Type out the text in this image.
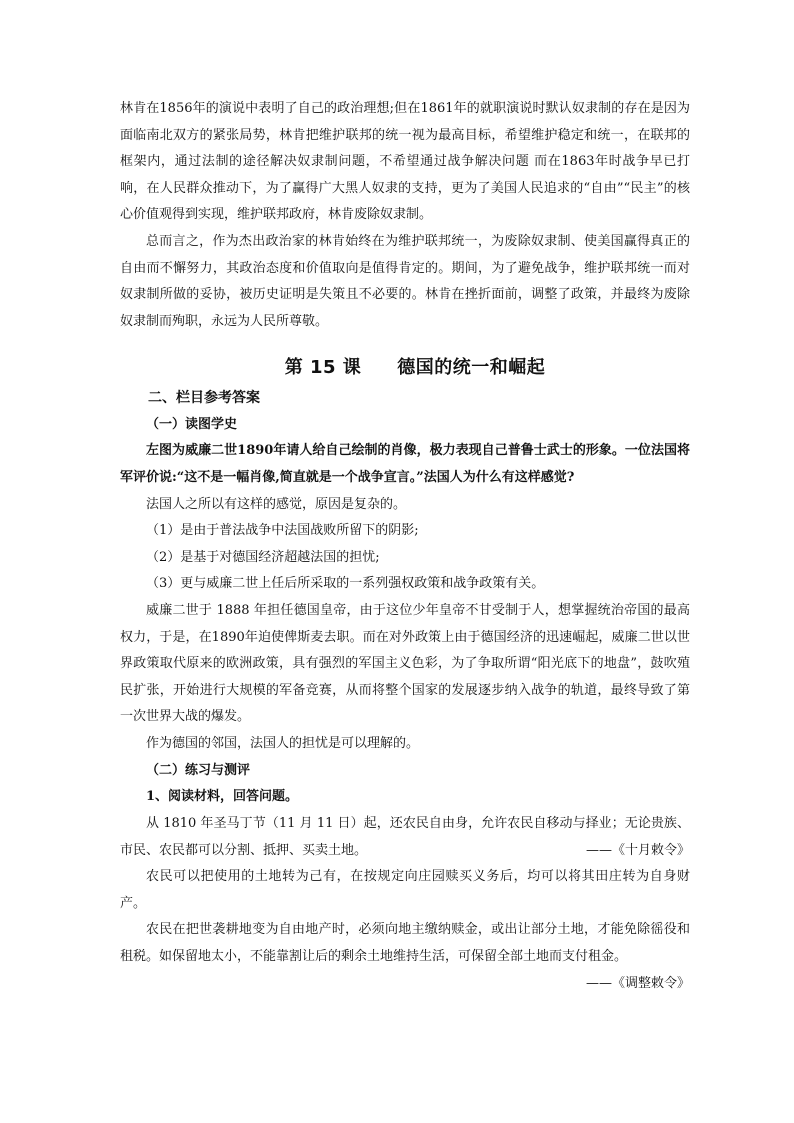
林肯在1856年的演说中表明了自己的政治理想;但在1861年的就职演说时默认奴隶制的存在是因为面临南北双方的紧张局势，林肯把维护联邦的统一视为最高目标，希望维护稳定和统一，在联邦的框架内，通过法制的途径解决奴隶制问题，不希望通过战争解决问题 而在1863年时战争早已打响，在人民群众推动下，为了赢得广大黑人奴隶的支持，更为了美国人民追求的“自由”“民主”的核心价值观得到实现，维护联邦政府，林肯废除奴隶制。

总而言之，作为杰出政治家的林肯始终在为维护联邦统一，为废除奴隶制、使美国赢得真正的自由而不懈努力，其政治态度和价值取向是值得肯定的。期间，为了避免战争，维护联邦统一而对奴隶制所做的妥协，被历史证明是失策且不必要的。林肯在挫折面前，调整了政策，并最终为废除奴隶制而殉职，永远为人民所尊敬。

第 15 课 德国的统一和崛起
二、栏目参考答案
（一）读图学史

左图为威廉二世1890年请人给自己绘制的肖像，极力表现自己普鲁士武士的形象。一位法国将军评价说:“这不是一幅肖像,简直就是一个战争宣言。”法国人为什么有这样感觉?

法国人之所以有这样的感觉，原因是复杂的。

（1）是由于普法战争中法国战败所留下的阴影;

（2）是基于对德国经济超越法国的担忧;

（3）更与威廉二世上任后所采取的一系列强权政策和战争政策有关。

威廉二世于 1888 年担任德国皇帝，由于这位少年皇帝不甘受制于人，想掌握统治帝国的最高权力，于是，在1890年迫使俾斯麦去职。而在对外政策上由于德国经济的迅速崛起，威廉二世以世界政策取代原来的欧洲政策，具有强烈的军国主义色彩，为了争取所谓“阳光底下的地盘”，鼓吹殖民扩张，开始进行大规模的军备竞赛，从而将整个国家的发展逐步纳入战争的轨道，最终导致了第一次世界大战的爆发。

作为德国的邻国，法国人的担忧是可以理解的。

（二）练习与测评

1、阅读材料，回答问题。

从 1810 年圣马丁节（11 月 11 日）起，还农民自由身，允许农民自移动与择业；无论贵族、市民、农民都可以分割、抵押、买卖土地。	——《十月敕令》

农民可以把使用的土地转为己有，在按规定向庄园赎买义务后，均可以将其田庄转为自身财产。

农民在把世袭耕地变为自由地产时，必须向地主缴纳赎金，或出让部分土地，才能免除徭役和租税。如保留地太小，不能靠割让后的剩余土地维持生活，可保留全部土地而支付租金。

——《调整敕令》
